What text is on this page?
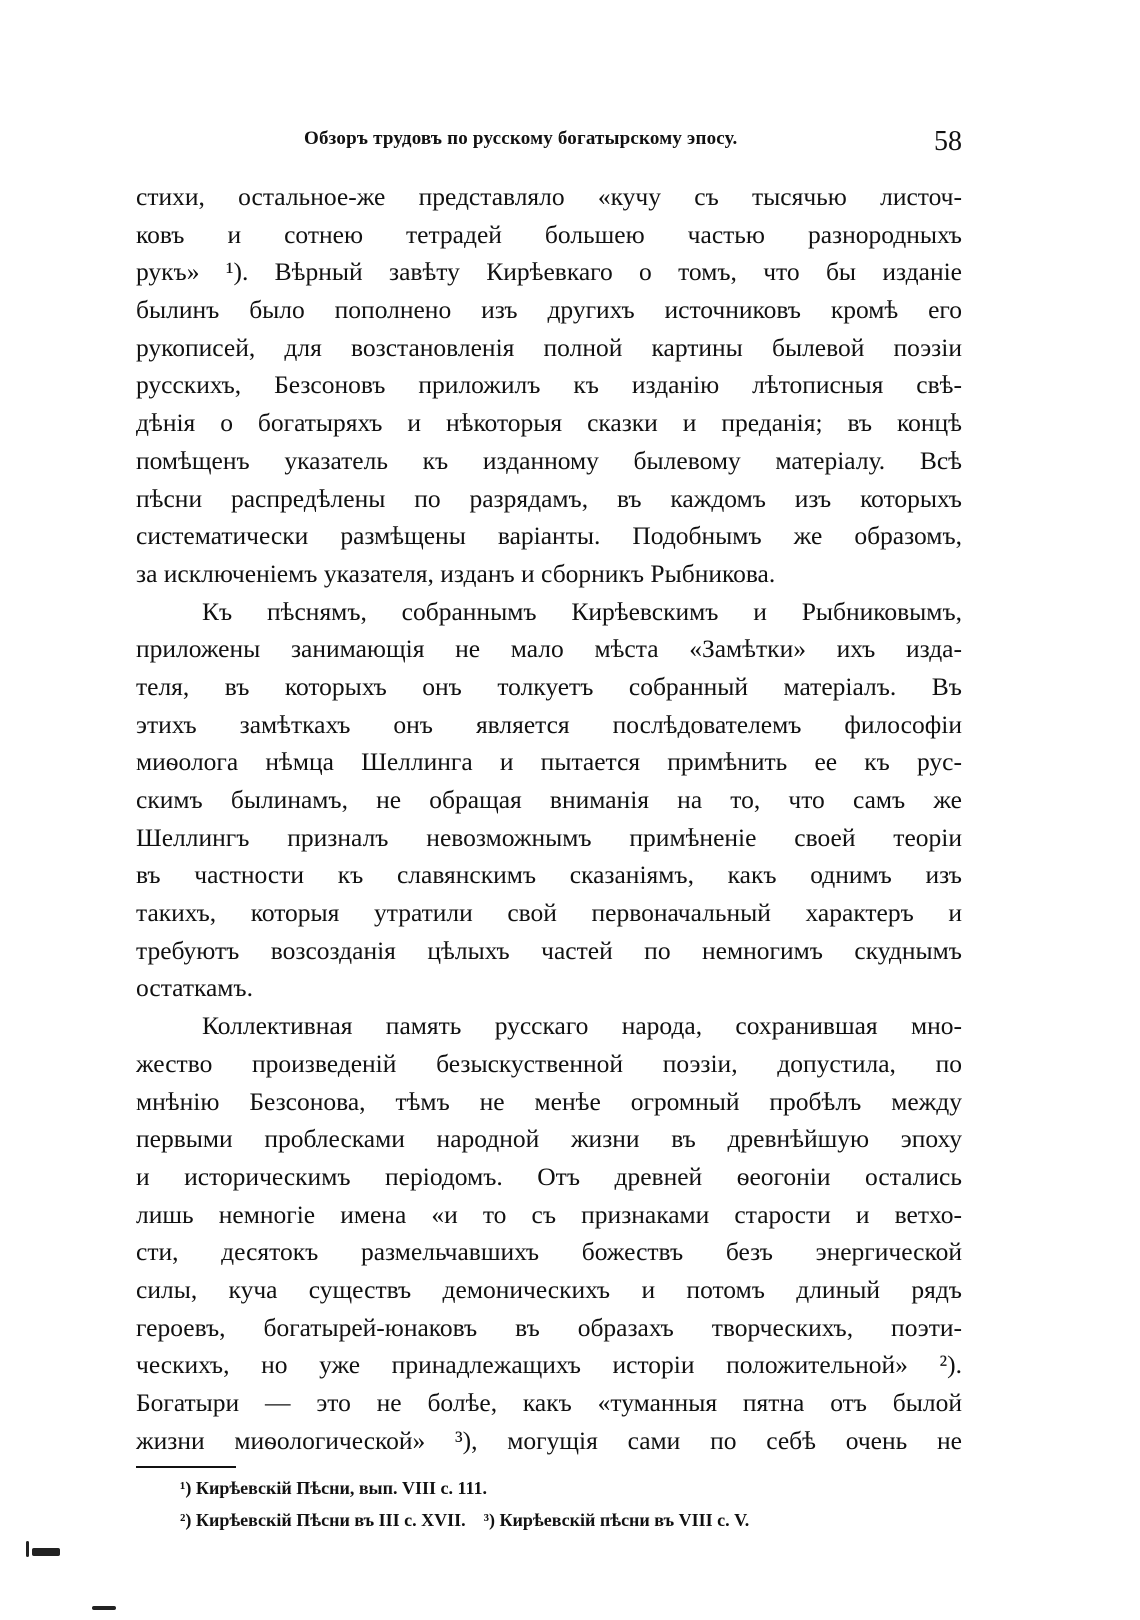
Обзоръ трудовъ по русскому богатырскому эпосу.	58
стихи, остальное-же представляло «кучу съ тысячью листоч-
ковъ и сотнею тетрадей большею частью разнородныхъ
рукъ» ¹). Вѣрный завѣту Кирѣевкаго о томъ, что бы изданіе
былинъ было пополнено изъ другихъ источниковъ кромѣ его
рукописей, для возстановленія полной картины былевой поэзіи
русскихъ, Безсоновъ приложилъ къ изданію лѣтописныя свѣ-
дѣнія о богатыряхъ и нѣкоторыя сказки и преданія; въ концѣ
помѣщенъ указатель къ изданному былевому матеріалу. Всѣ
пѣсни распредѣлены по разрядамъ, въ каждомъ изъ которыхъ
систематически размѣщены варіанты. Подобнымъ же образомъ,
за исключеніемъ указателя, изданъ и сборникъ Рыбникова.
Къ пѣснямъ, собраннымъ Кирѣевскимъ и Рыбниковымъ,
приложены занимающія не мало мѣста «Замѣтки» ихъ изда-
теля, въ которыхъ онъ толкуетъ собранный матеріалъ. Въ
этихъ замѣткахъ онъ является послѣдователемъ философіи
миѳолога нѣмца Шеллинга и пытается примѣнить ее къ рус-
скимъ былинамъ, не обращая вниманія на то, что самъ же
Шеллингъ призналъ невозможнымъ примѣненіе своей теоріи
въ частности къ славянскимъ сказаніямъ, какъ однимъ изъ
такихъ, которыя утратили свой первоначальный характеръ и
требуютъ возсозданія цѣлыхъ частей по немногимъ скуднымъ
остаткамъ.
Коллективная память русскаго народа, сохранившая мно-
жество произведеній безыскуственной поэзіи, допустила, по
мнѣнію Безсонова, тѣмъ не менѣе огромный пробѣлъ между
первыми проблесками народной жизни въ древнѣйшую эпоху
и историческимъ періодомъ. Отъ древней ѳеогоніи остались
лишь немногіе имена «и то съ признаками старости и ветхо-
сти, десятокъ размельчавшихъ божествъ безъ энергической
силы, куча существъ демоническихъ и потомъ длиный рядъ
героевъ, богатырей-юнаковъ въ образахъ творческихъ, поэти-
ческихъ, но уже принадлежащихъ исторіи положительной» ²).
Богатыри — это не болѣе, какъ «туманныя пятна отъ былой
жизни миѳологической» ³), могущія сами по себѣ очень не
¹) Кирѣевскій Пѣсни, вып. VIII с. 111.
²) Кирѣевскій Пѣсни въ III с. XVII. ³) Кирѣевскій пѣсни въ VIII с. V.
